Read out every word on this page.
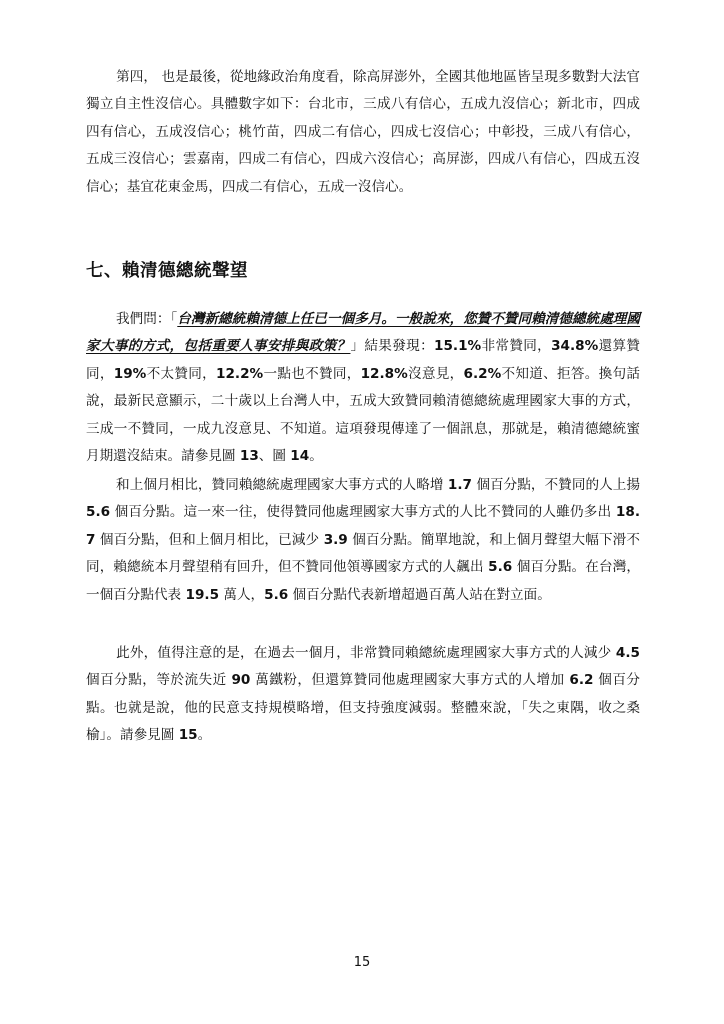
第四， 也是最後，從地緣政治角度看，除高屏澎外，全國其他地區皆呈現多數對大法官獨立自主性沒信心。具體數字如下：台北市，三成八有信心，五成九沒信心；新北市，四成四有信心，五成沒信心；桃竹苗，四成二有信心，四成七沒信心；中彰投，三成八有信心，五成三沒信心；雲嘉南，四成二有信心，四成六沒信心；高屏澎，四成八有信心，四成五沒信心；基宜花東金馬，四成二有信心，五成一沒信心。

七、賴清德總統聲望

我們問：「台灣新總統賴清德上任已一個多月。一般說來，您贊不贊同賴清德總統處理國家大事的方式，包括重要人事安排與政策？」結果發現：15.1%非常贊同，34.8%還算贊同，19%不太贊同，12.2%一點也不贊同，12.8%沒意見，6.2%不知道、拒答。換句話說，最新民意顯示，二十歲以上台灣人中，五成大致贊同賴清德總統處理國家大事的方式，三成一不贊同，一成九沒意見、不知道。這項發現傳達了一個訊息，那就是，賴清德總統蜜月期還沒結束。請參見圖 13、圖 14。

和上個月相比，贊同賴總統處理國家大事方式的人略增 1.7 個百分點，不贊同的人上揚 5.6 個百分點。這一來一往，使得贊同他處理國家大事方式的人比不贊同的人雖仍多出 18.7 個百分點，但和上個月相比，已減少 3.9 個百分點。簡單地說，和上個月聲望大幅下滑不同，賴總統本月聲望稍有回升，但不贊同他領導國家方式的人飆出 5.6 個百分點。在台灣，一個百分點代表 19.5 萬人，5.6 個百分點代表新增超過百萬人站在對立面。

此外，值得注意的是，在過去一個月，非常贊同賴總統處理國家大事方式的人減少 4.5 個百分點，等於流失近 90 萬鐵粉，但還算贊同他處理國家大事方式的人增加 6.2 個百分點。也就是說，他的民意支持規模略增，但支持強度減弱。整體來說，「失之東隅，收之桑榆」。請參見圖 15。

15
